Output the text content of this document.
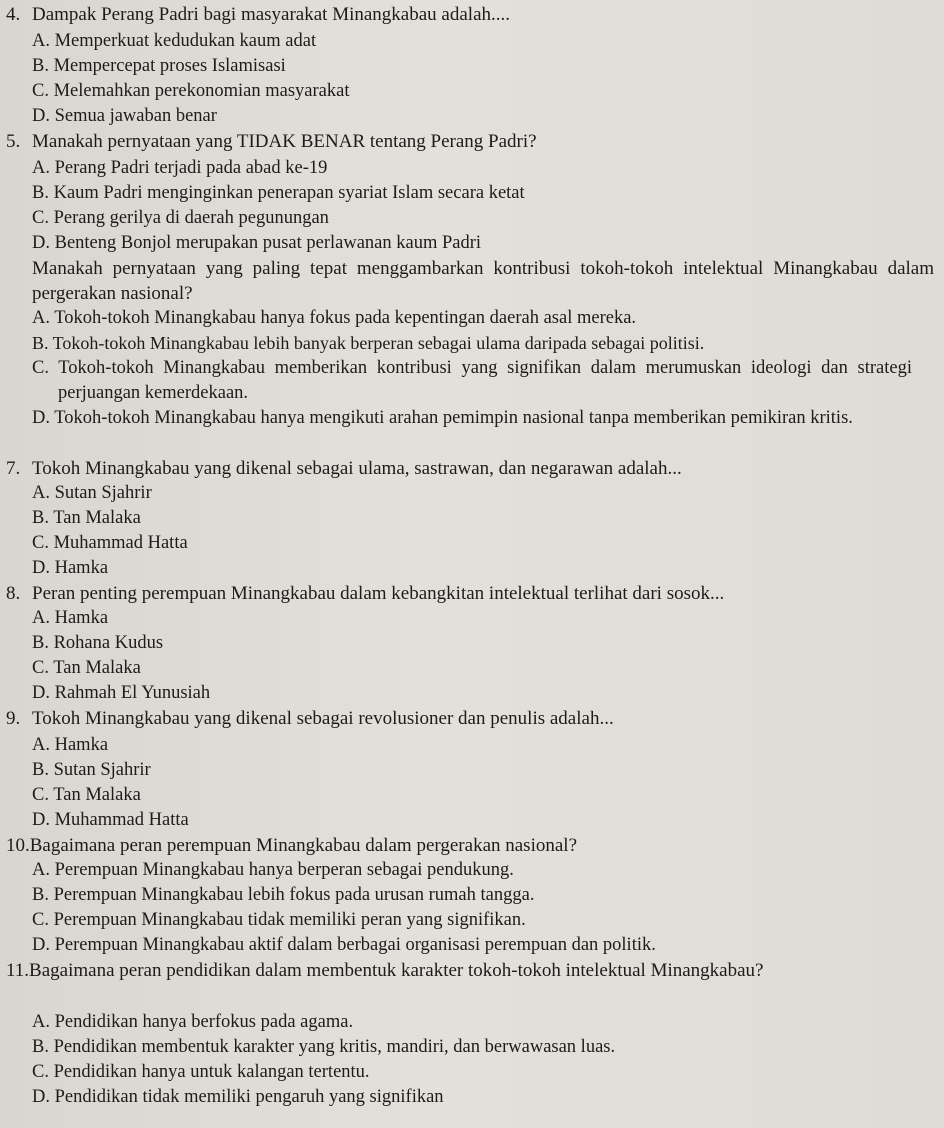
4. Dampak Perang Padri bagi masyarakat Minangkabau adalah....
A. Memperkuat kedudukan kaum adat
B. Mempercepat proses Islamisasi
C. Melemahkan perekonomian masyarakat
D. Semua jawaban benar
5. Manakah pernyataan yang TIDAK BENAR tentang Perang Padri?
A. Perang Padri terjadi pada abad ke-19
B. Kaum Padri menginginkan penerapan syariat Islam secara ketat
C. Perang gerilya di daerah pegunungan
D. Benteng Bonjol merupakan pusat perlawanan kaum Padri
Manakah pernyataan yang paling tepat menggambarkan kontribusi tokoh-tokoh intelektual Minangkabau dalam pergerakan nasional?
A. Tokoh-tokoh Minangkabau hanya fokus pada kepentingan daerah asal mereka.
B. Tokoh-tokoh Minangkabau lebih banyak berperan sebagai ulama daripada sebagai politisi.
C. Tokoh-tokoh Minangkabau memberikan kontribusi yang signifikan dalam merumuskan ideologi dan strategi perjuangan kemerdekaan.
D. Tokoh-tokoh Minangkabau hanya mengikuti arahan pemimpin nasional tanpa memberikan pemikiran kritis.
7. Tokoh Minangkabau yang dikenal sebagai ulama, sastrawan, dan negarawan adalah...
A. Sutan Sjahrir
B. Tan Malaka
C. Muhammad Hatta
D. Hamka
8. Peran penting perempuan Minangkabau dalam kebangkitan intelektual terlihat dari sosok...
A. Hamka
B. Rohana Kudus
C. Tan Malaka
D. Rahmah El Yunusiah
9. Tokoh Minangkabau yang dikenal sebagai revolusioner dan penulis adalah...
A. Hamka
B. Sutan Sjahrir
C. Tan Malaka
D. Muhammad Hatta
10.Bagaimana peran perempuan Minangkabau dalam pergerakan nasional?
A. Perempuan Minangkabau hanya berperan sebagai pendukung.
B. Perempuan Minangkabau lebih fokus pada urusan rumah tangga.
C. Perempuan Minangkabau tidak memiliki peran yang signifikan.
D. Perempuan Minangkabau aktif dalam berbagai organisasi perempuan dan politik.
11.Bagaimana peran pendidikan dalam membentuk karakter tokoh-tokoh intelektual Minangkabau?
A. Pendidikan hanya berfokus pada agama.
B. Pendidikan membentuk karakter yang kritis, mandiri, dan berwawasan luas.
C. Pendidikan hanya untuk kalangan tertentu.
D. Pendidikan tidak memiliki pengaruh yang signifikan
